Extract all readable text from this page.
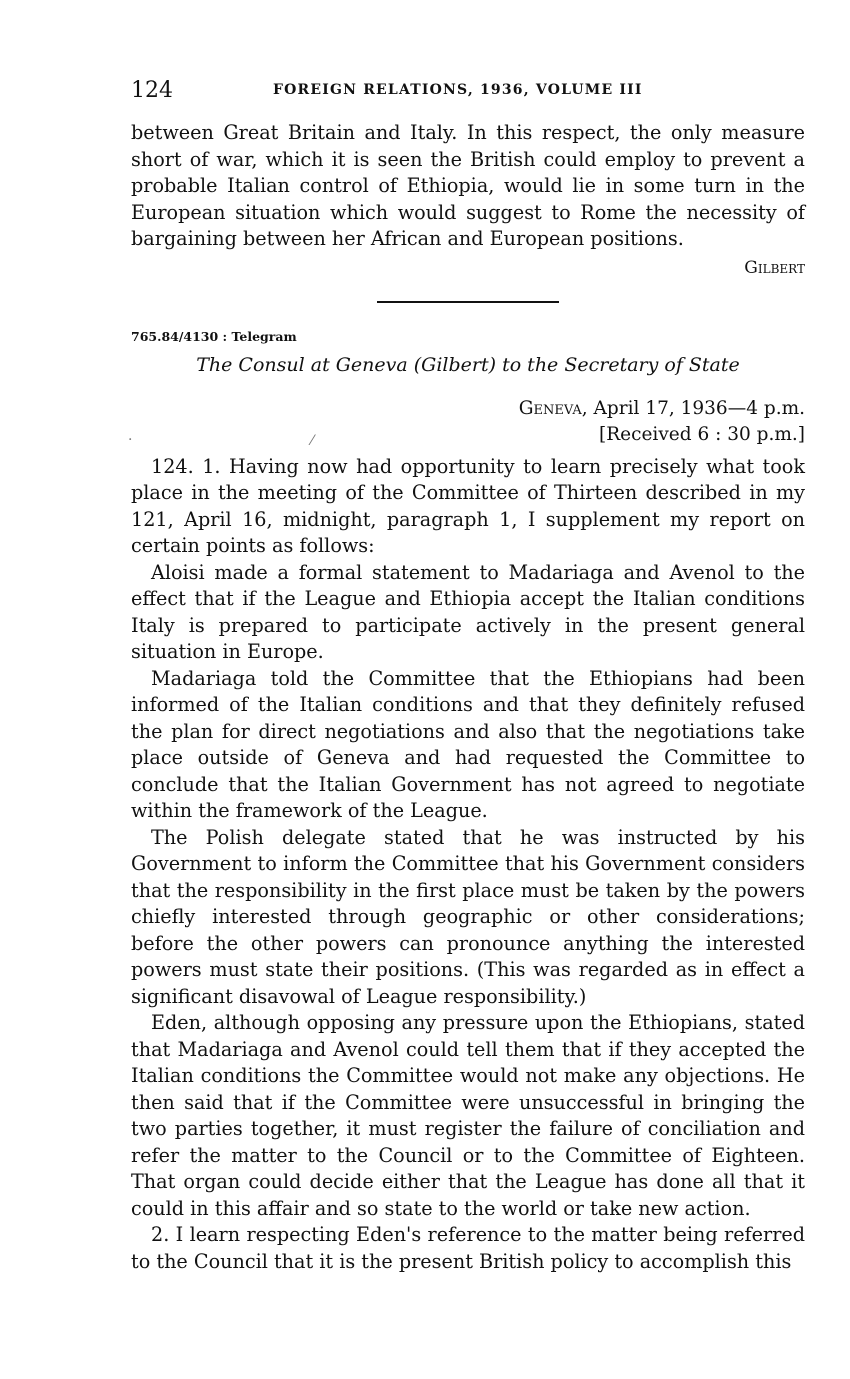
124	FOREIGN RELATIONS, 1936, VOLUME III

between Great Britain and Italy. In this respect, the only measure short of war, which it is seen the British could employ to prevent a probable Italian control of Ethiopia, would lie in some turn in the European situation which would suggest to Rome the necessity of bargaining between her African and European positions.

Gilbert
765.84/4130 : Telegram
The Consul at Geneva (Gilbert) to the Secretary of State
Geneva, April 17, 1936—4 p.m.
[Received 6 : 30 p.m.]

124. 1. Having now had opportunity to learn precisely what took place in the meeting of the Committee of Thirteen described in my 121, April 16, midnight, paragraph 1, I supplement my report on certain points as follows:

Aloisi made a formal statement to Madariaga and Avenol to the effect that if the League and Ethiopia accept the Italian conditions Italy is prepared to participate actively in the present general situation in Europe.

Madariaga told the Committee that the Ethiopians had been informed of the Italian conditions and that they definitely refused the plan for direct negotiations and also that the negotiations take place outside of Geneva and had requested the Committee to conclude that the Italian Government has not agreed to negotiate within the framework of the League.

The Polish delegate stated that he was instructed by his Government to inform the Committee that his Government considers that the responsibility in the first place must be taken by the powers chiefly interested through geographic or other considerations; before the other powers can pronounce anything the interested powers must state their positions. (This was regarded as in effect a significant disavowal of League responsibility.)

Eden, although opposing any pressure upon the Ethiopians, stated that Madariaga and Avenol could tell them that if they accepted the Italian conditions the Committee would not make any objections. He then said that if the Committee were unsuccessful in bringing the two parties together, it must register the failure of conciliation and refer the matter to the Council or to the Committee of Eighteen. That organ could decide either that the League has done all that it could in this affair and so state to the world or take new action.

2. I learn respecting Eden's reference to the matter being referred to the Council that it is the present British policy to accomplish this

⁄
·
